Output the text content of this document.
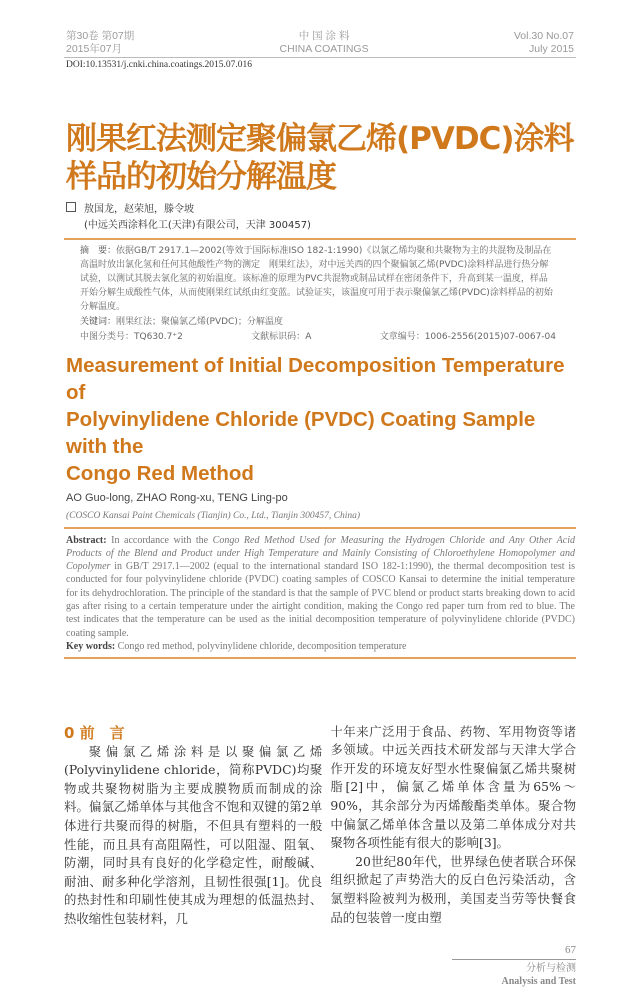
第30卷 第07期
2015年07月
中 国 涂 料
CHINA COATINGS
Vol.30 No.07
July 2015
DOI:10.13531/j.cnki.china.coatings.2015.07.016
刚果红法测定聚偏氯乙烯(PVDC)涂料
样品的初始分解温度
敖国龙，赵荣旭，滕令坡
(中远关西涂料化工(天津)有限公司，天津 300457)
摘　要：依据GB/T 2917.1—2002(等效于国际标准ISO 182-1:1990)《以氯乙烯均聚和共聚物为主的共混物及制品在高温时放出氯化氢和任何其他酸性产物的测定　刚果红法》，对中远关西的四个聚偏氯乙烯(PVDC)涂料样品进行热分解试验，以测试其脱去氯化氢的初始温度。该标准的原理为PVC共混物或制品试样在密闭条件下，升高到某一温度，样品开始分解生成酸性气体，从而使刚果红试纸由红变蓝。试验证实，该温度可用于表示聚偏氯乙烯(PVDC)涂料样品的初始分解温度。
关键词：刚果红法；聚偏氯乙烯(PVDC)；分解温度
中图分类号：TQ630.7⁺2	文献标识码：A	文章编号：1006-2556(2015)07-0067-04
Measurement of Initial Decomposition Temperature of
Polyvinylidene Chloride (PVDC) Coating Sample with the
Congo Red Method
AO Guo-long, ZHAO Rong-xu, TENG Ling-po
(COSCO Kansai Paint Chemicals (Tianjin) Co., Ltd., Tianjin 300457, China)
Abstract: In accordance with the Congo Red Method Used for Measuring the Hydrogen Chloride and Any Other Acid Products of the Blend and Product under High Temperature and Mainly Consisting of Chloroethylene Homopolymer and Copolymer in GB/T 2917.1—2002 (equal to the international standard ISO 182-1:1990), the thermal decomposition test is conducted for four polyvinylidene chloride (PVDC) coating samples of COSCO Kansai to determine the initial temperature for its dehydrochloration. The principle of the standard is that the sample of PVC blend or product starts breaking down to acid gas after rising to a certain temperature under the airtight condition, making the Congo red paper turn from red to blue. The test indicates that the temperature can be used as the initial decomposition temperature of polyvinylidene chloride (PVDC) coating sample.
Key words: Congo red method, polyvinylidene chloride, decomposition temperature
0 前　言
聚偏氯乙烯涂料是以聚偏氯乙烯(Polyvinylidene chloride，简称PVDC)均聚物或共聚物树脂为主要成膜物质而制成的涂料。偏氯乙烯单体与其他含不饱和双键的第2单体进行共聚而得的树脂，不但具有塑料的一般性能，而且具有高阻隔性，可以阻湿、阻氧、防潮，同时具有良好的化学稳定性，耐酸碱、耐油、耐多种化学溶剂，且韧性很强[1]。优良的热封性和印刷性使其成为理想的低温热封、热收缩性包装材料，几
十年来广泛用于食品、药物、军用物资等诸多领域。中远关西技术研发部与天津大学合作开发的环境友好型水性聚偏氯乙烯共聚树脂[2]中，偏氯乙烯单体含量为65%～90%，其余部分为丙烯酸酯类单体。聚合物中偏氯乙烯单体含量以及第二单体成分对共聚物各项性能有很大的影响[3]。
20世纪80年代，世界绿色使者联合环保组织掀起了声势浩大的反白色污染活动，含氯塑料险被判为极刑，美国麦当劳等快餐食品的包装曾一度由塑
67
分析与检测
Analysis and Test
